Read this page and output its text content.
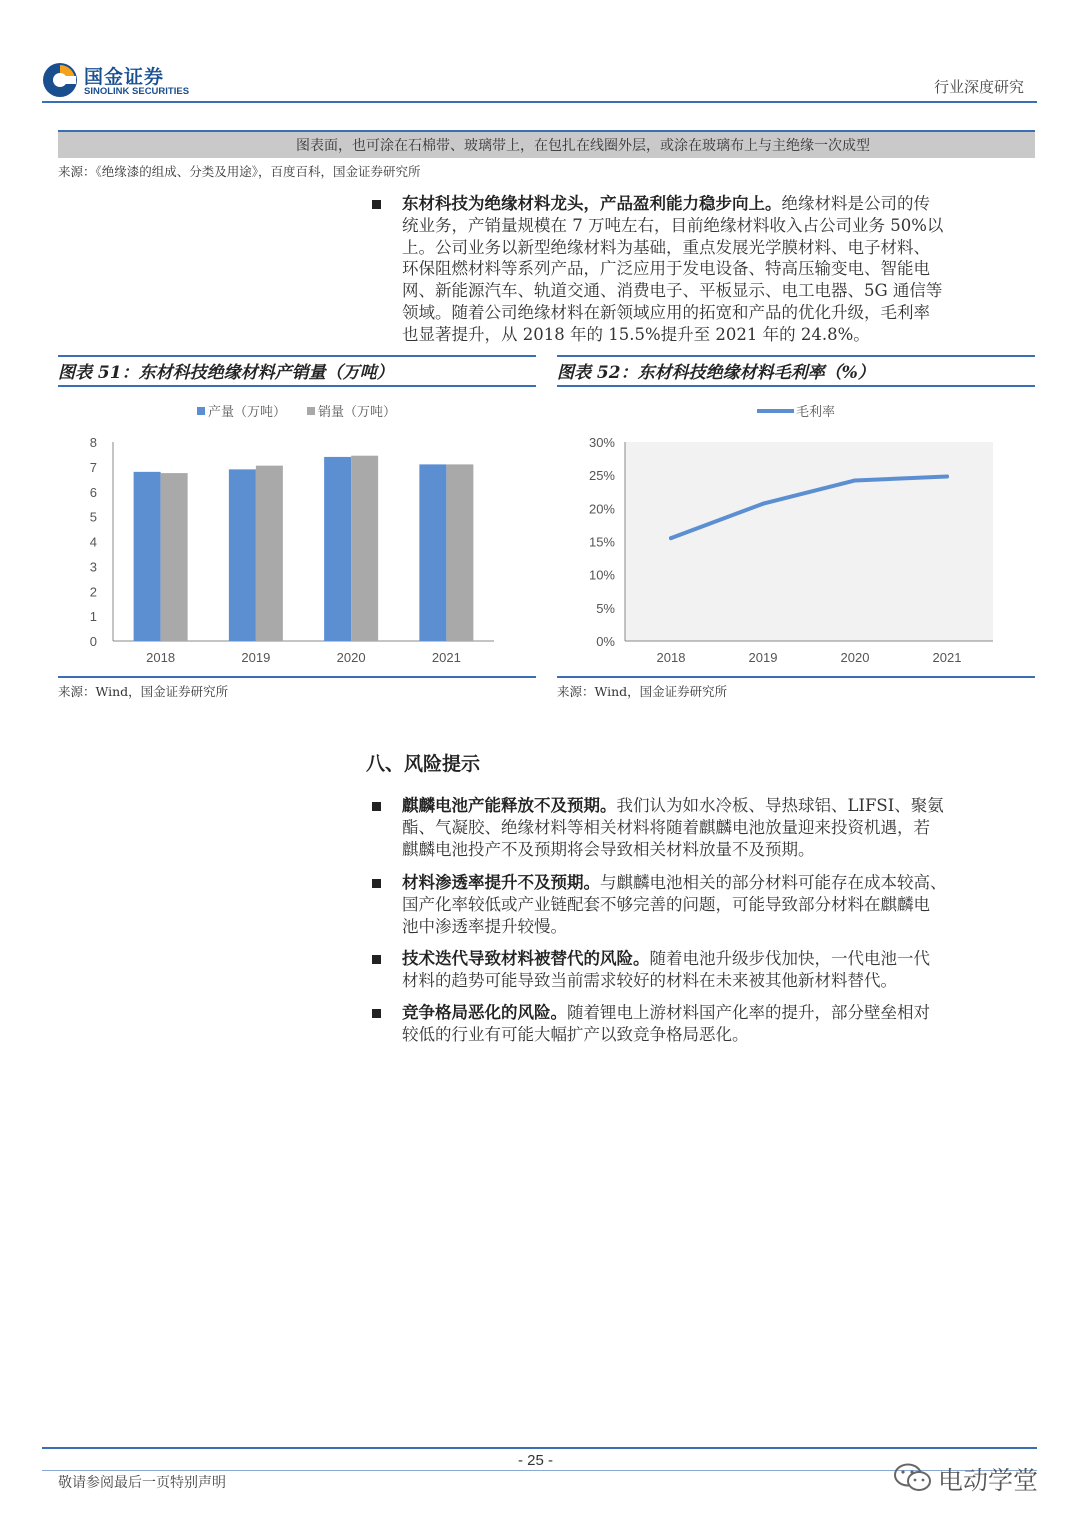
国金证券
SINOLINK SECURITIES	行业深度研究
图表面，也可涂在石棉带、玻璃带上，在包扎在线圈外层，或涂在玻璃布上与主绝缘一次成型
来源：《绝缘漆的组成、分类及用途》，百度百科，国金证券研究所
东材科技为绝缘材料龙头，产品盈利能力稳步向上。绝缘材料是公司的传
统业务，产销量规模在 7 万吨左右，目前绝缘材料收入占公司业务 50%以
上。公司业务以新型绝缘材料为基础，重点发展光学膜材料、电子材料、
环保阻燃材料等系列产品，广泛应用于发电设备、特高压输变电、智能电
网、新能源汽车、轨道交通、消费电子、平板显示、电工电器、5G 通信等
领域。随着公司绝缘材料在新领域应用的拓宽和产品的优化升级，毛利率
也显著提升，从 2018 年的 15.5%提升至 2021 年的 24.8%。
图表 51：东材科技绝缘材料产销量（万吨）
0
1
2
3
4
5
6
7
8
2018	2019	2020	2021
产量（万吨） 销量（万吨）
来源：Wind，国金证券研究所
图表 52：东材科技绝缘材料毛利率（%）
0%
5%
10%
15%
20%
25%
30%
2018	2019	2020	2021
毛利率
来源：Wind，国金证券研究所
八、风险提示
麒麟电池产能释放不及预期。我们认为如水冷板、导热球铝、LIFSI、聚氨
酯、气凝胶、绝缘材料等相关材料将随着麒麟电池放量迎来投资机遇，若
麒麟电池投产不及预期将会导致相关材料放量不及预期。
材料渗透率提升不及预期。与麒麟电池相关的部分材料可能存在成本较高、
国产化率较低或产业链配套不够完善的问题，可能导致部分材料在麒麟电
池中渗透率提升较慢。
技术迭代导致材料被替代的风险。随着电池升级步伐加快，一代电池一代
材料的趋势可能导致当前需求较好的材料在未来被其他新材料替代。
竞争格局恶化的风险。随着锂电上游材料国产化率的提升，部分壁垒相对
较低的行业有可能大幅扩产以致竞争格局恶化。
- 25 -
敬请参阅最后一页特别声明	电动学堂
